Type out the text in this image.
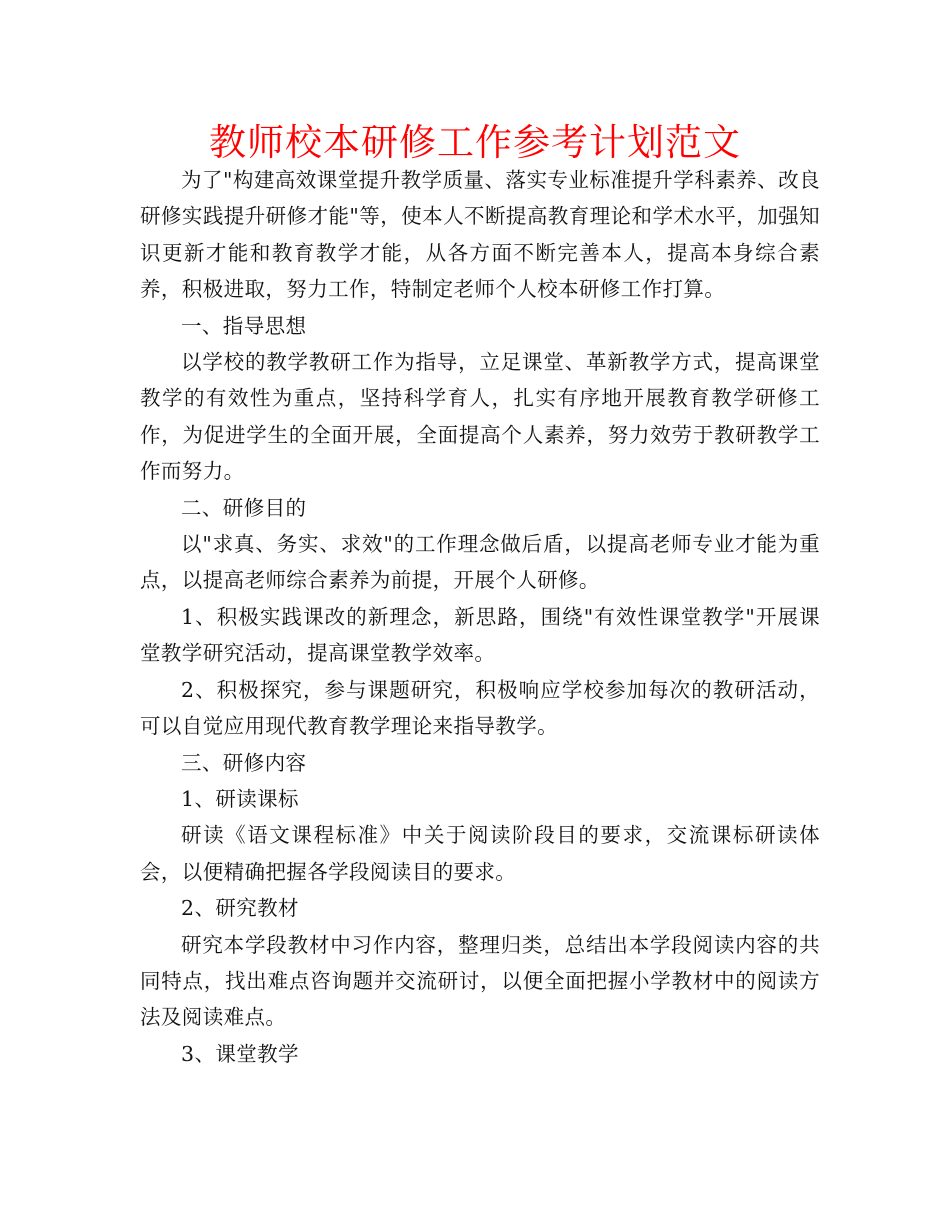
教师校本研修工作参考计划范文

为了"构建高效课堂提升教学质量、落实专业标准提升学科素养、改良研修实践提升研修才能"等，使本人不断提高教育理论和学术水平，加强知识更新才能和教育教学才能，从各方面不断完善本人，提高本身综合素养，积极进取，努力工作，特制定老师个人校本研修工作打算。

一、指导思想

以学校的教学教研工作为指导，立足课堂、革新教学方式，提高课堂教学的有效性为重点，坚持科学育人，扎实有序地开展教育教学研修工作，为促进学生的全面开展，全面提高个人素养，努力效劳于教研教学工作而努力。

二、研修目的

以"求真、务实、求效"的工作理念做后盾，以提高老师专业才能为重点，以提高老师综合素养为前提，开展个人研修。

1、积极实践课改的新理念，新思路，围绕"有效性课堂教学"开展课堂教学研究活动，提高课堂教学效率。

2、积极探究，参与课题研究，积极响应学校参加每次的教研活动，可以自觉应用现代教育教学理论来指导教学。

三、研修内容

1、研读课标

研读《语文课程标准》中关于阅读阶段目的要求，交流课标研读体会，以便精确把握各学段阅读目的要求。

2、研究教材

研究本学段教材中习作内容，整理归类，总结出本学段阅读内容的共同特点，找出难点咨询题并交流研讨，以便全面把握小学教材中的阅读方法及阅读难点。

3、课堂教学
